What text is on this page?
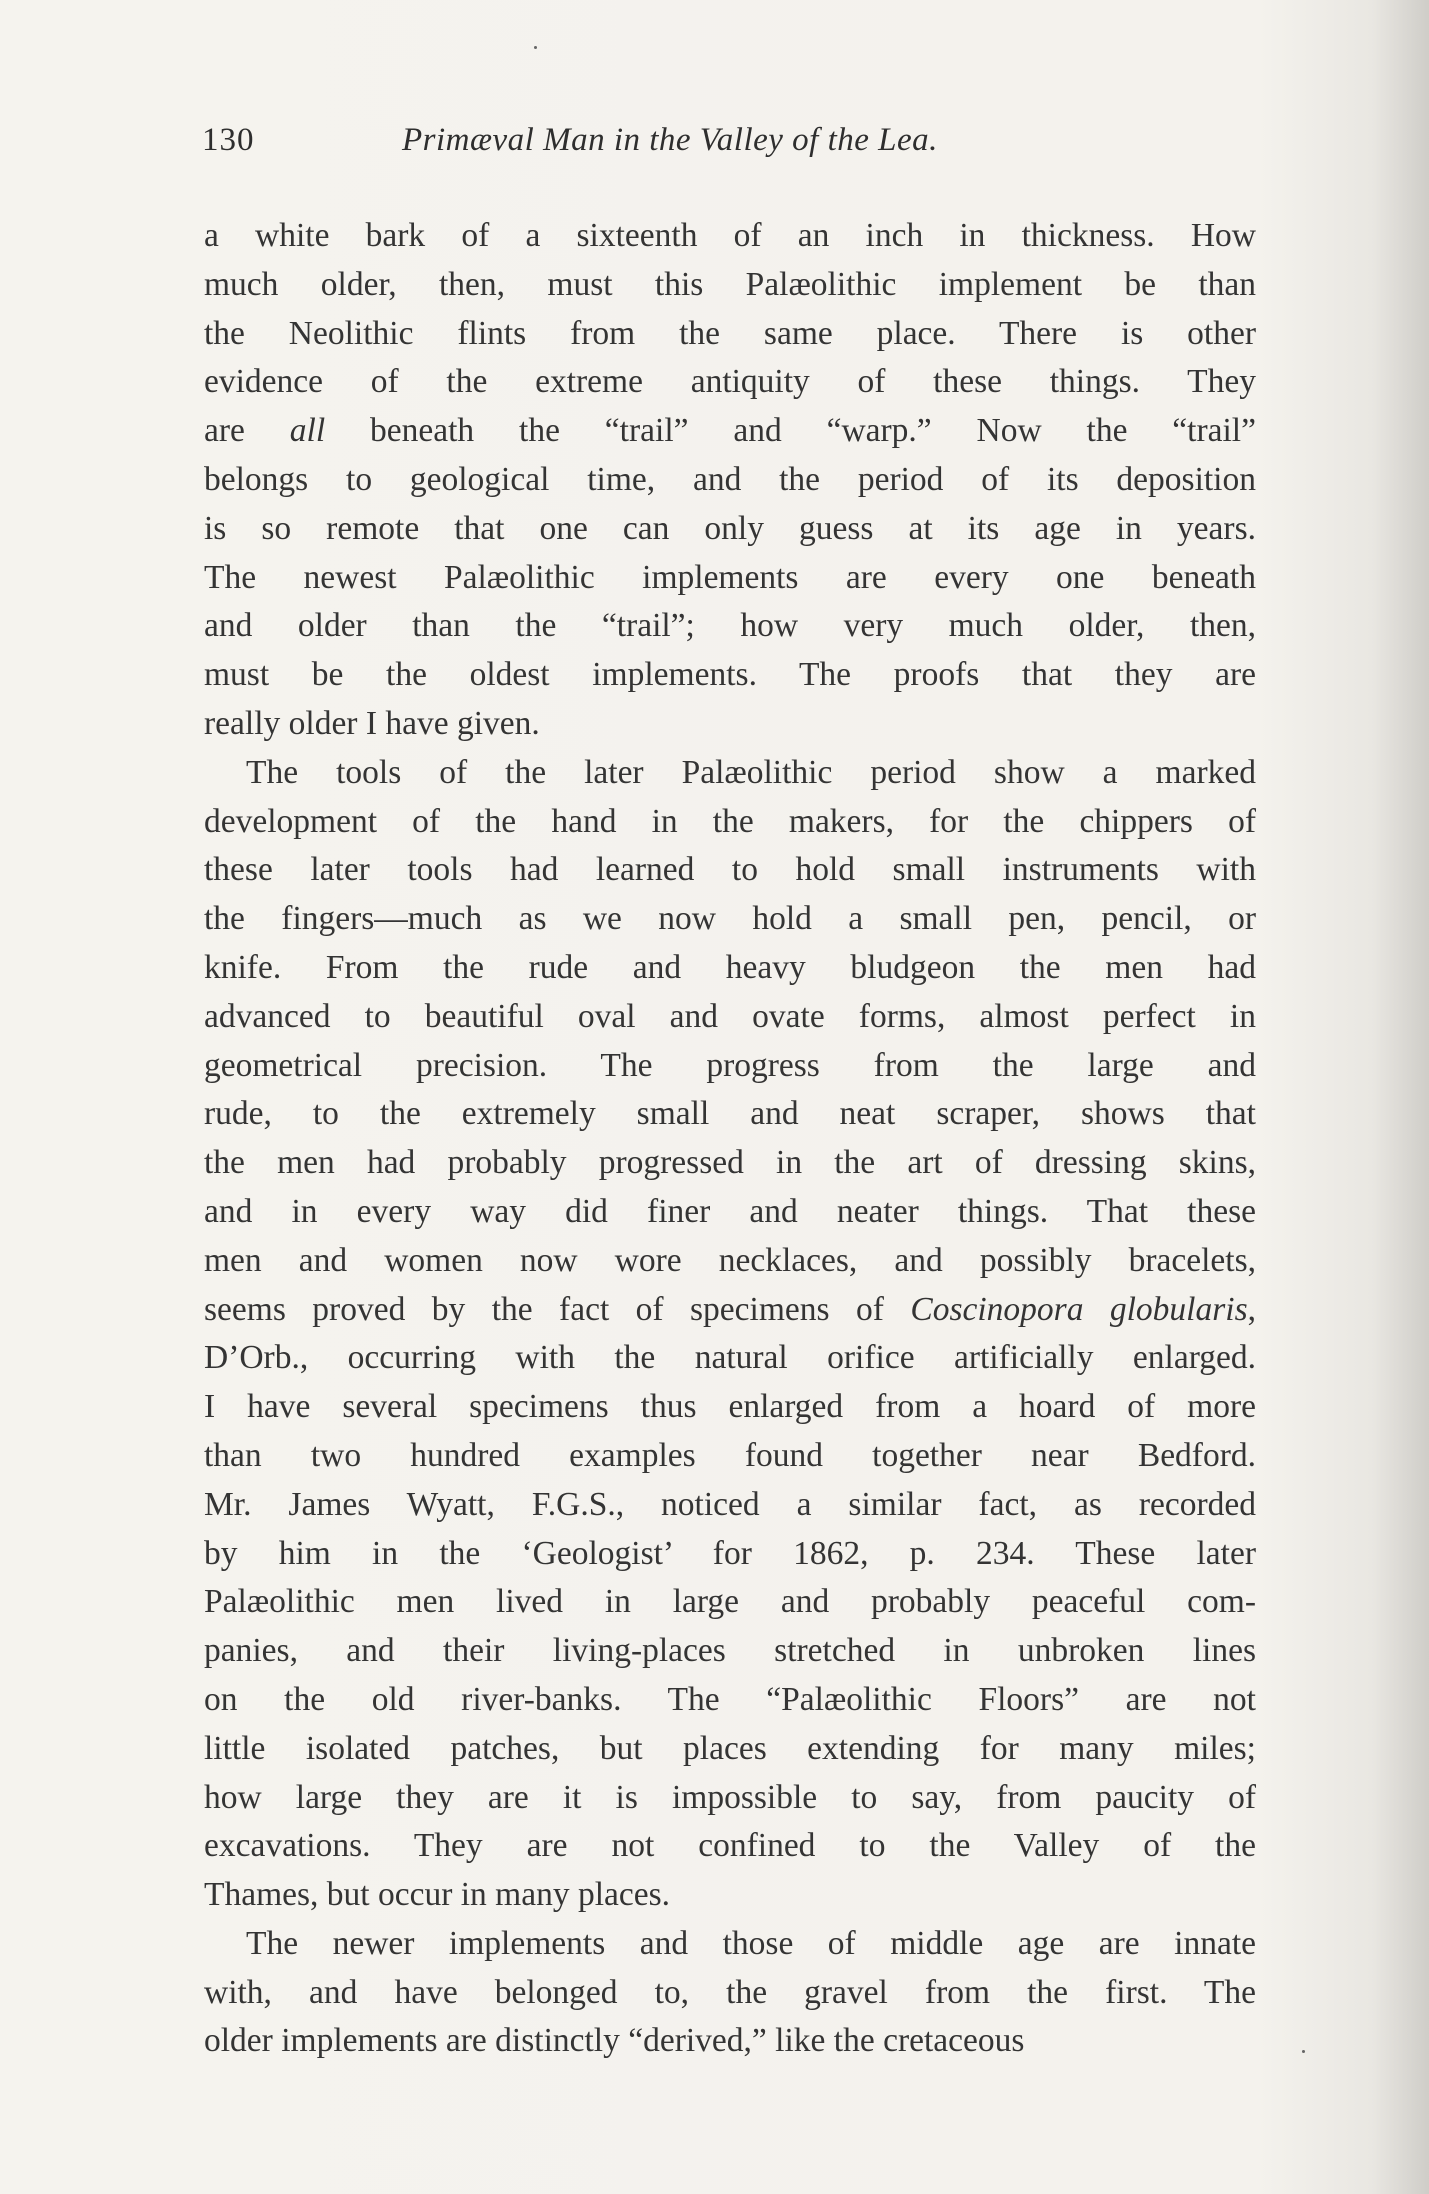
130	Primæval Man in the Valley of the Lea.
a white bark of a sixteenth of an inch in thickness. How
much older, then, must this Palæolithic implement be than
the Neolithic flints from the same place. There is other
evidence of the extreme antiquity of these things. They
are all beneath the “trail” and “warp.” Now the “trail”
belongs to geological time, and the period of its deposition
is so remote that one can only guess at its age in years.
The newest Palæolithic implements are every one beneath
and older than the “trail”; how very much older, then,
must be the oldest implements. The proofs that they are
really older I have given.
The tools of the later Palæolithic period show a marked
development of the hand in the makers, for the chippers of
these later tools had learned to hold small instruments with
the fingers—much as we now hold a small pen, pencil, or
knife. From the rude and heavy bludgeon the men had
advanced to beautiful oval and ovate forms, almost perfect in
geometrical precision. The progress from the large and
rude, to the extremely small and neat scraper, shows that
the men had probably progressed in the art of dressing skins,
and in every way did finer and neater things. That these
men and women now wore necklaces, and possibly bracelets,
seems proved by the fact of specimens of Coscinopora globularis,
D’Orb., occurring with the natural orifice artificially enlarged.
I have several specimens thus enlarged from a hoard of more
than two hundred examples found together near Bedford.
Mr. James Wyatt, F.G.S., noticed a similar fact, as recorded
by him in the ‘Geologist’ for 1862, p. 234. These later
Palæolithic men lived in large and probably peaceful com-
panies, and their living-places stretched in unbroken lines
on the old river-banks. The “Palæolithic Floors” are not
little isolated patches, but places extending for many miles;
how large they are it is impossible to say, from paucity of
excavations. They are not confined to the Valley of the
Thames, but occur in many places.
The newer implements and those of middle age are innate
with, and have belonged to, the gravel from the first. The
older implements are distinctly “derived,” like the cretaceous
